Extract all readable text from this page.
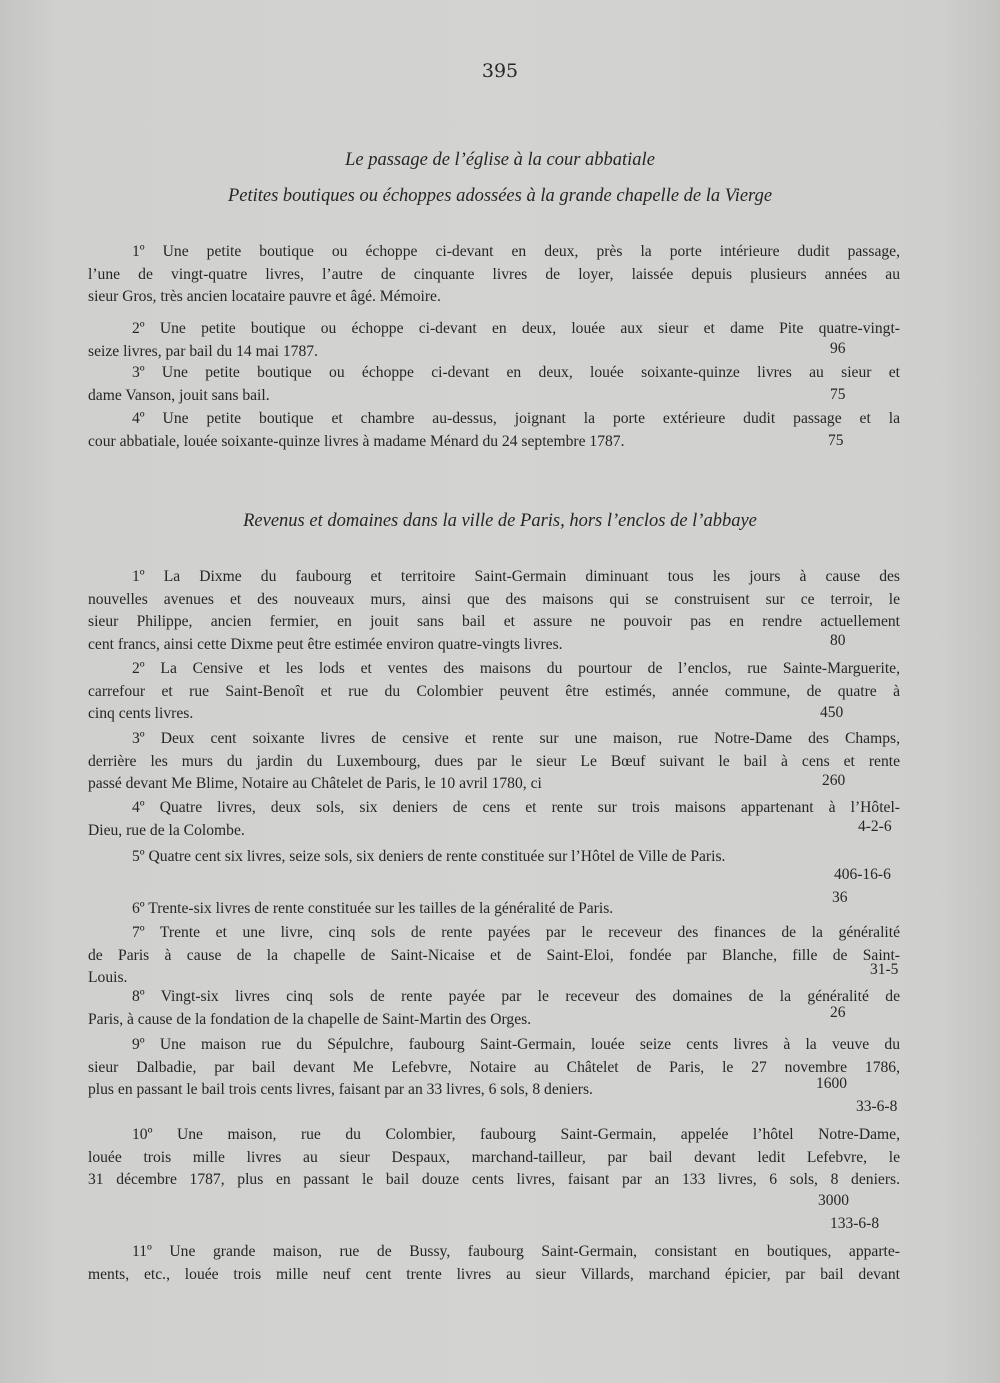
395
Le passage de l’église à la cour abbatiale
Petites boutiques ou échoppes adossées à la grande chapelle de la Vierge
1º Une petite boutique ou échoppe ci-devant en deux, près la porte intérieure dudit passage,
l’une de vingt-quatre livres, l’autre de cinquante livres de loyer, laissée depuis plusieurs années au
sieur Gros, très ancien locataire pauvre et âgé. Mémoire.
2º Une petite boutique ou échoppe ci-devant en deux, louée aux sieur et dame Pite quatre-vingt-
seize livres, par bail du 14 mai 1787.	96
3º Une petite boutique ou échoppe ci-devant en deux, louée soixante-quinze livres au sieur et
dame Vanson, jouit sans bail.	75
4º Une petite boutique et chambre au-dessus, joignant la porte extérieure dudit passage et la
cour abbatiale, louée soixante-quinze livres à madame Ménard du 24 septembre 1787.	75
Revenus et domaines dans la ville de Paris, hors l’enclos de l’abbaye
1º La Dixme du faubourg et territoire Saint-Germain diminuant tous les jours à cause des
nouvelles avenues et des nouveaux murs, ainsi que des maisons qui se construisent sur ce terroir, le
sieur Philippe, ancien fermier, en jouit sans bail et assure ne pouvoir pas en rendre actuellement
cent francs, ainsi cette Dixme peut être estimée environ quatre-vingts livres.	80
2º La Censive et les lods et ventes des maisons du pourtour de l’enclos, rue Sainte-Marguerite,
carrefour et rue Saint-Benoît et rue du Colombier peuvent être estimés, année commune, de quatre à
cinq cents livres.	450
3º Deux cent soixante livres de censive et rente sur une maison, rue Notre-Dame des Champs,
derrière les murs du jardin du Luxembourg, dues par le sieur Le Bœuf suivant le bail à cens et rente
passé devant Me Blime, Notaire au Châtelet de Paris, le 10 avril 1780, ci	260
4º Quatre livres, deux sols, six deniers de cens et rente sur trois maisons appartenant à l’Hôtel-
Dieu, rue de la Colombe.	4-2-6
5º Quatre cent six livres, seize sols, six deniers de rente constituée sur l’Hôtel de Ville de Paris.
406-16-6
6º Trente-six livres de rente constituée sur les tailles de la généralité de Paris.
36
7º Trente et une livre, cinq sols de rente payées par le receveur des finances de la généralité
de Paris à cause de la chapelle de Saint-Nicaise et de Saint-Eloi, fondée par Blanche, fille de Saint-
Louis.	31-5
8º Vingt-six livres cinq sols de rente payée par le receveur des domaines de la généralité de
Paris, à cause de la fondation de la chapelle de Saint-Martin des Orges.	26
9º Une maison rue du Sépulchre, faubourg Saint-Germain, louée seize cents livres à la veuve du
sieur Dalbadie, par bail devant Me Lefebvre, Notaire au Châtelet de Paris, le 27 novembre 1786,
plus en passant le bail trois cents livres, faisant par an 33 livres, 6 sols, 8 deniers.	1600
33-6-8
10º Une maison, rue du Colombier, faubourg Saint-Germain, appelée l’hôtel Notre-Dame,
louée trois mille livres au sieur Despaux, marchand-tailleur, par bail devant ledit Lefebvre, le
31 décembre 1787, plus en passant le bail douze cents livres, faisant par an 133 livres, 6 sols, 8 deniers.
3000
133-6-8
11º Une grande maison, rue de Bussy, faubourg Saint-Germain, consistant en boutiques, apparte-
ments, etc., louée trois mille neuf cent trente livres au sieur Villards, marchand épicier, par bail devant
